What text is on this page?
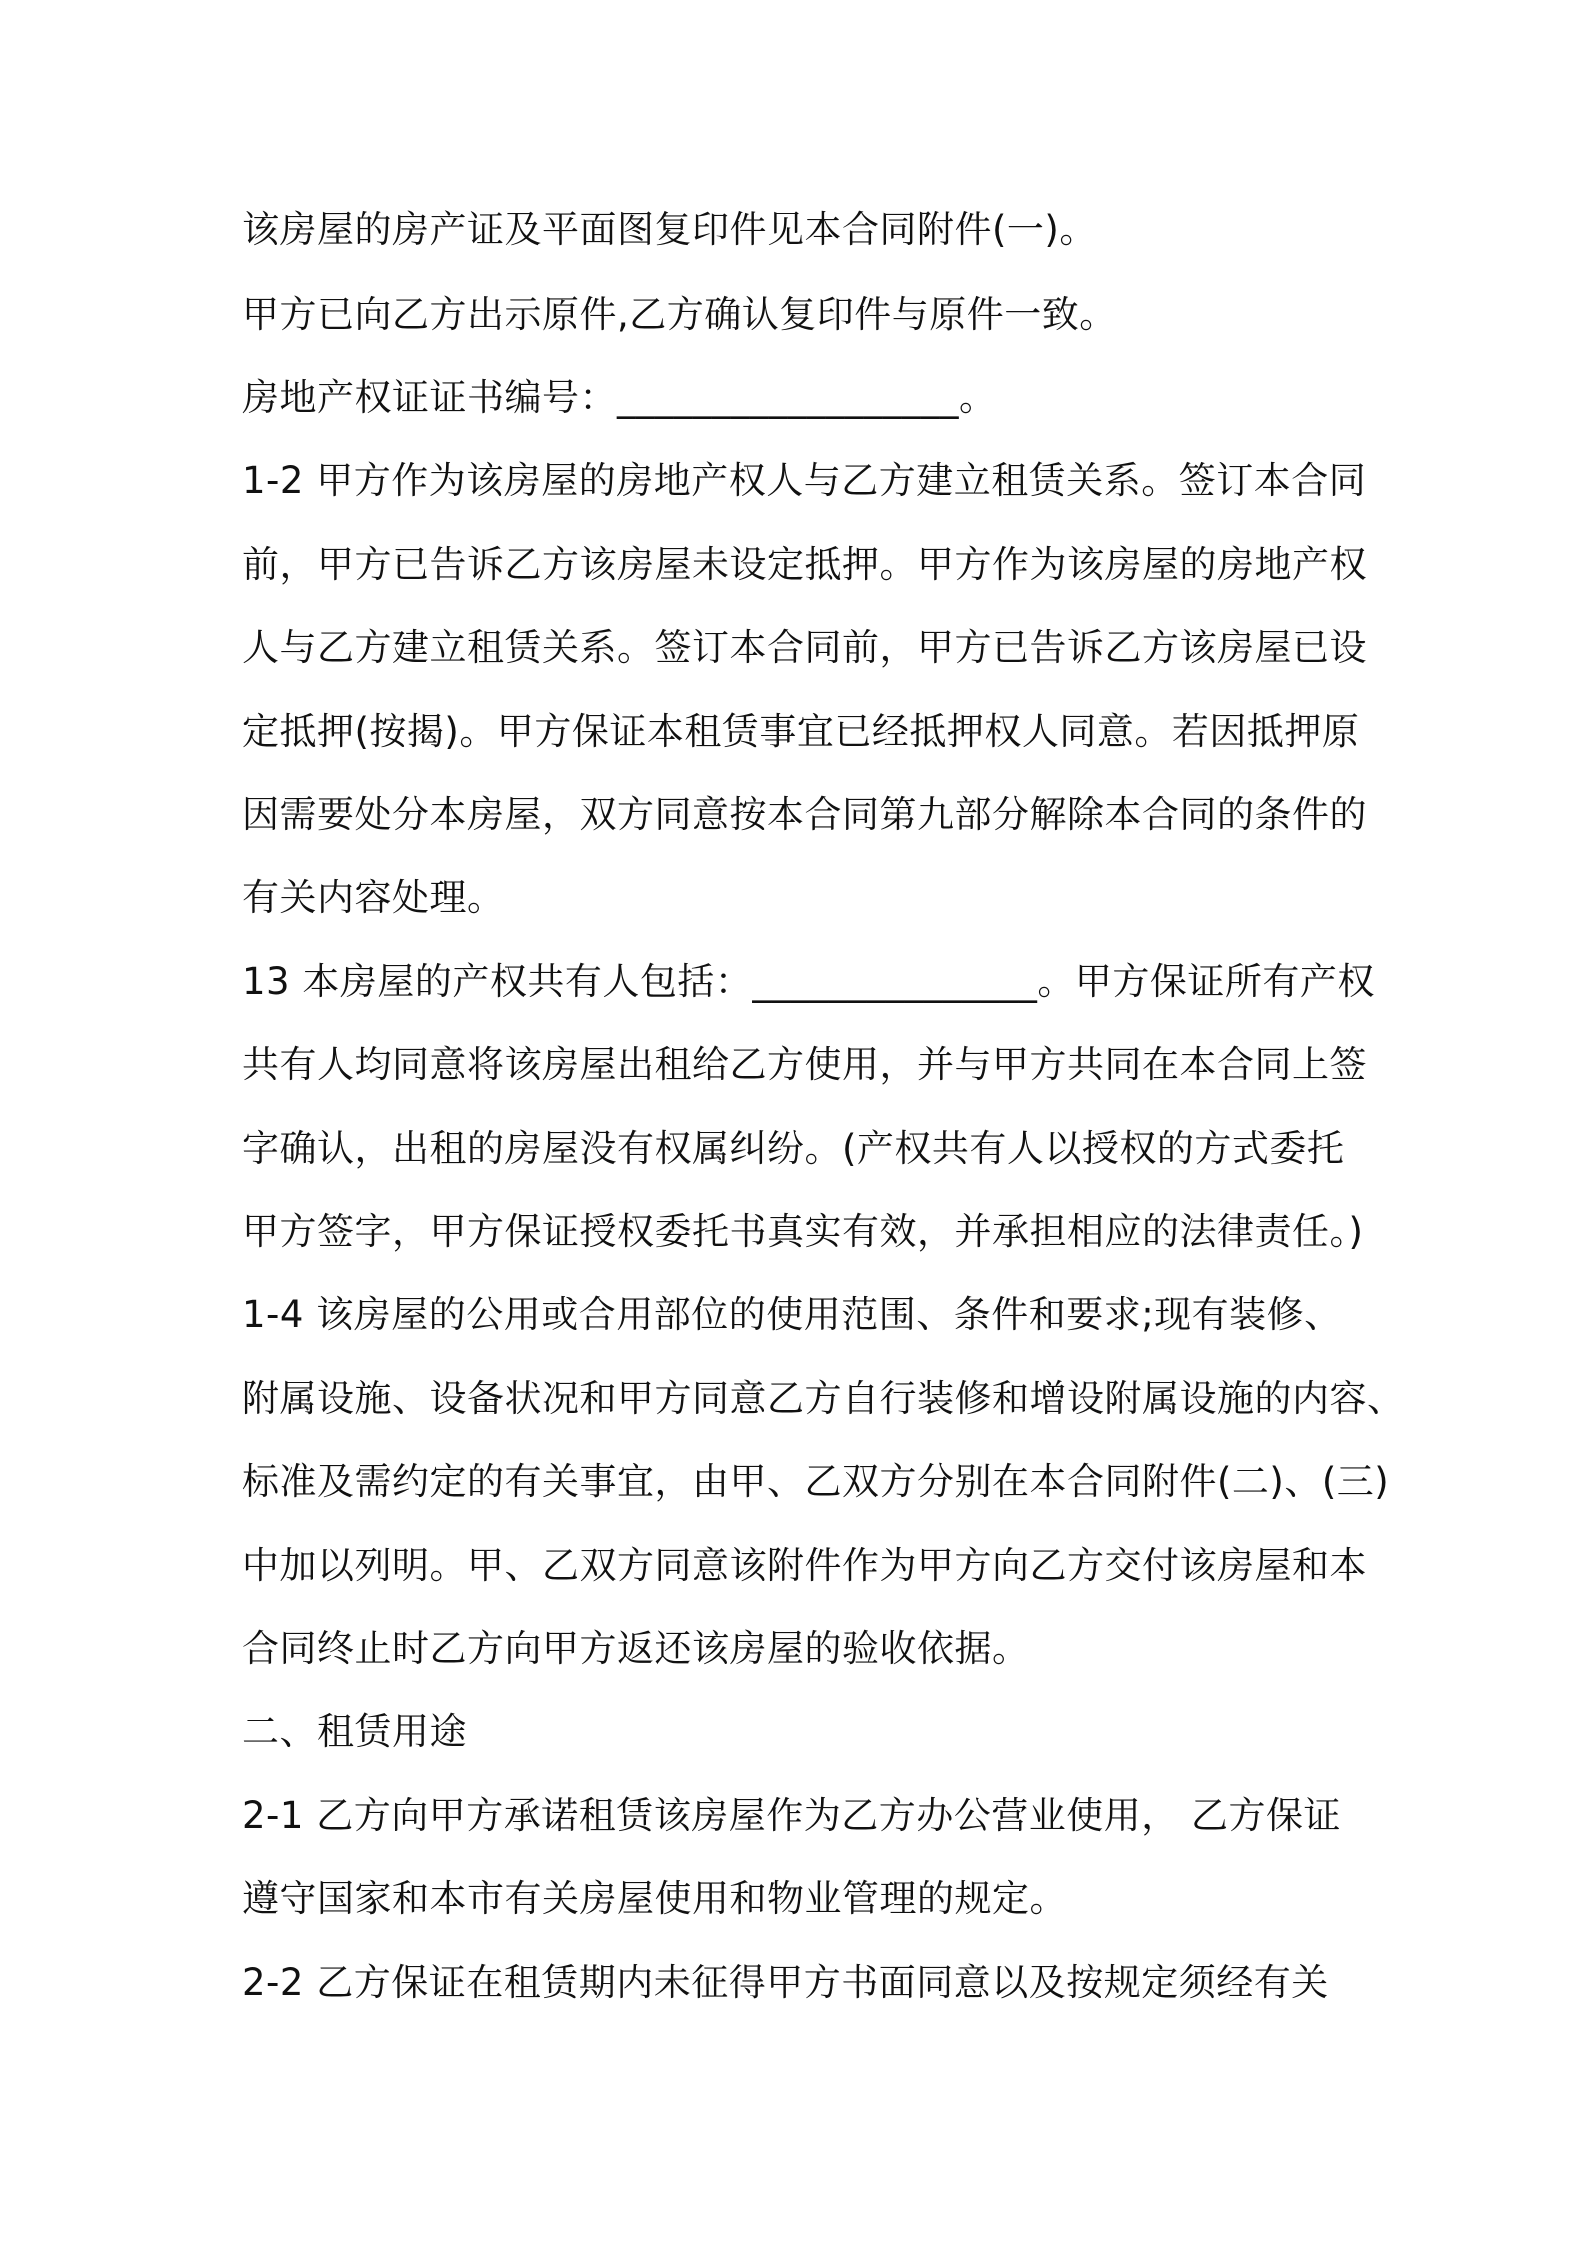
该房屋的房产证及平面图复印件见本合同附件(一)。
甲方已向乙方出示原件,乙方确认复印件与原件一致。
房地产权证证书编号：__________________。
1-2 甲方作为该房屋的房地产权人与乙方建立租赁关系。签订本合同
前，甲方已告诉乙方该房屋未设定抵押。甲方作为该房屋的房地产权
人与乙方建立租赁关系。签订本合同前，甲方已告诉乙方该房屋已设
定抵押(按揭)。甲方保证本租赁事宜已经抵押权人同意。若因抵押原
因需要处分本房屋，双方同意按本合同第九部分解除本合同的条件的
有关内容处理。
13 本房屋的产权共有人包括：_______________。甲方保证所有产权
共有人均同意将该房屋出租给乙方使用，并与甲方共同在本合同上签
字确认，出租的房屋没有权属纠纷。(产权共有人以授权的方式委托
甲方签字，甲方保证授权委托书真实有效，并承担相应的法律责任。)
1-4 该房屋的公用或合用部位的使用范围、条件和要求;现有装修、
附属设施、设备状况和甲方同意乙方自行装修和增设附属设施的内容、
标准及需约定的有关事宜，由甲、乙双方分别在本合同附件(二)、(三)
中加以列明。甲、乙双方同意该附件作为甲方向乙方交付该房屋和本
合同终止时乙方向甲方返还该房屋的验收依据。
二、租赁用途
2-1 乙方向甲方承诺租赁该房屋作为乙方办公营业使用， 乙方保证
遵守国家和本市有关房屋使用和物业管理的规定。
2-2 乙方保证在租赁期内未征得甲方书面同意以及按规定须经有关
